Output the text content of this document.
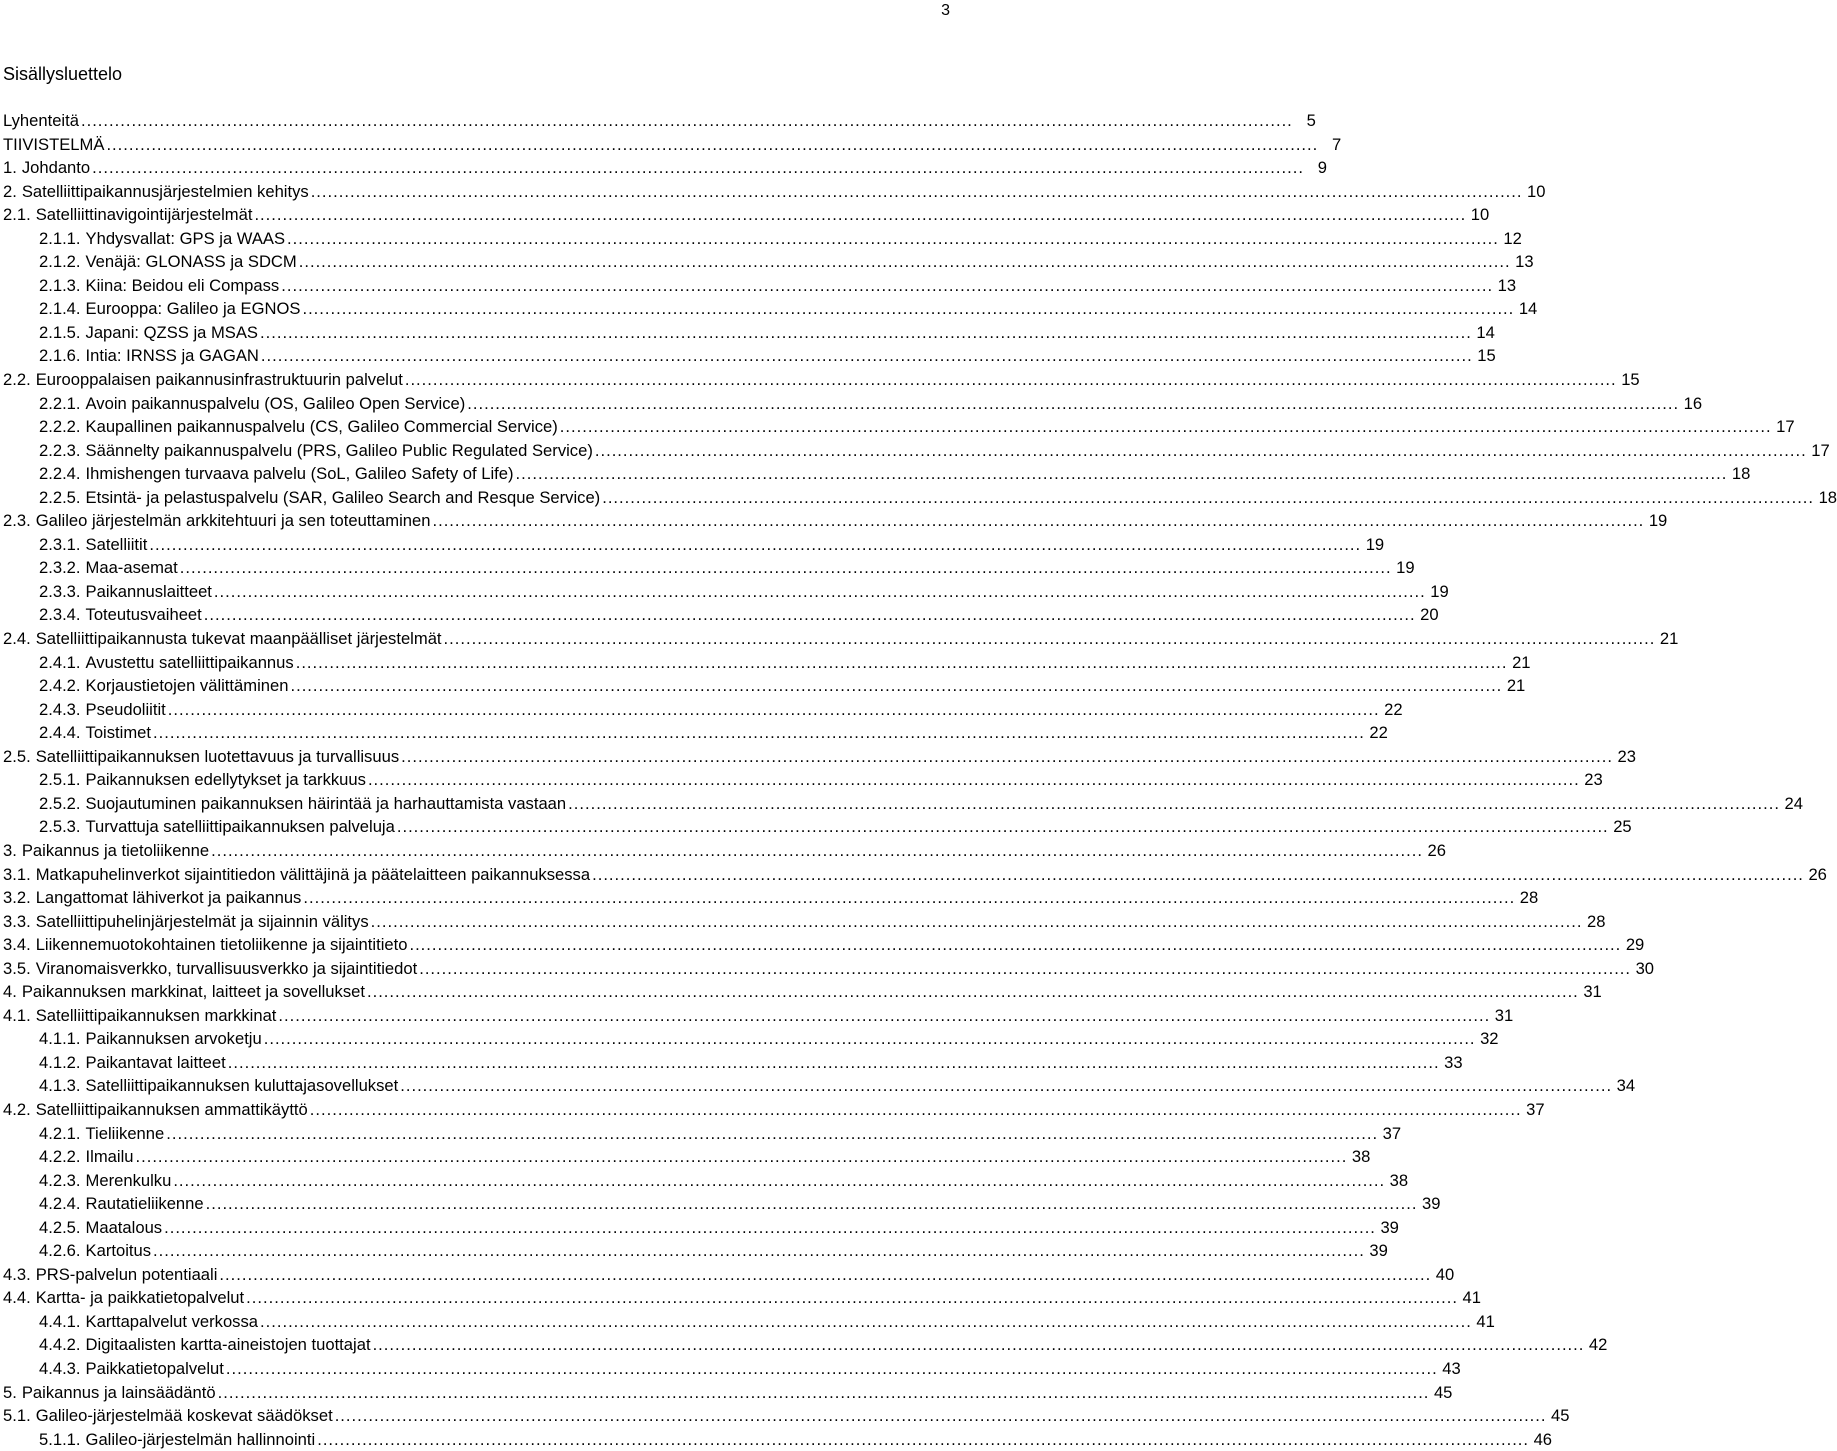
3
Sisällysluettelo
Lyhenteitä .....	5
TIIVISTELMÄ .....	7
1. Johdanto .....	9
2. Satelliittipaikannusjärjestelmien kehitys .....	10
2.1. Satelliittinavigointijärjestelmät .....	10
2.1.1. Yhdysvallat: GPS ja WAAS .....	12
2.1.2. Venäjä: GLONASS ja SDCM .....	13
2.1.3. Kiina: Beidou eli Compass .....	13
2.1.4. Eurooppa: Galileo ja EGNOS .....	14
2.1.5. Japani: QZSS ja MSAS .....	14
2.1.6. Intia: IRNSS ja GAGAN .....	15
2.2. Eurooppalaisen paikannusinfrastruktuurin palvelut .....	15
2.2.1. Avoin paikannuspalvelu (OS, Galileo Open Service) .....	16
2.2.2. Kaupallinen paikannuspalvelu (CS, Galileo Commercial Service) .....	17
2.2.3. Säännelty paikannuspalvelu (PRS, Galileo Public Regulated Service) .....	17
2.2.4. Ihmishengen turvaava palvelu (SoL, Galileo Safety of Life) .....	18
2.2.5. Etsintä- ja pelastuspalvelu (SAR, Galileo Search and Resque Service) .....	18
2.3. Galileo järjestelmän arkkitehtuuri ja sen toteuttaminen .....	19
2.3.1. Satelliitit .....	19
2.3.2. Maa-asemat .....	19
2.3.3. Paikannuslaitteet .....	19
2.3.4. Toteutusvaiheet .....	20
2.4. Satelliittipaikannusta tukevat maanpäälliset järjestelmät .....	21
2.4.1. Avustettu satelliittipaikannus .....	21
2.4.2. Korjaustietojen välittäminen .....	21
2.4.3. Pseudoliitit .....	22
2.4.4. Toistimet .....	22
2.5. Satelliittipaikannuksen luotettavuus ja turvallisuus .....	23
2.5.1. Paikannuksen edellytykset ja tarkkuus .....	23
2.5.2. Suojautuminen paikannuksen häirintää ja harhauttamista vastaan .....	24
2.5.3. Turvattuja satelliittipaikannuksen palveluja .....	25
3. Paikannus ja tietoliikenne .....	26
3.1. Matkapuhelinverkot sijaintitiedon välittäjinä ja päätelaitteen paikannuksessa .....	26
3.2. Langattomat lähiverkot ja paikannus .....	28
3.3. Satelliittipuhelinjärjestelmät ja sijainnin välitys .....	28
3.4. Liikennemuotokohtainen tietoliikenne ja sijaintitieto .....	29
3.5. Viranomaisverkko, turvallisuusverkko ja sijaintitiedot .....	30
4. Paikannuksen markkinat, laitteet ja sovellukset .....	31
4.1. Satelliittipaikannuksen markkinat .....	31
4.1.1. Paikannuksen arvoketju .....	32
4.1.2. Paikantavat laitteet .....	33
4.1.3. Satelliittipaikannuksen kuluttajasovellukset .....	34
4.2. Satelliittipaikannuksen ammattikäyttö .....	37
4.2.1. Tieliikenne .....	37
4.2.2. Ilmailu .....	38
4.2.3. Merenkulku .....	38
4.2.4. Rautatieliikenne .....	39
4.2.5. Maatalous .....	39
4.2.6. Kartoitus .....	39
4.3. PRS-palvelun potentiaali .....	40
4.4. Kartta- ja paikkatietopalvelut .....	41
4.4.1. Karttapalvelut verkossa .....	41
4.4.2. Digitaalisten kartta-aineistojen tuottajat .....	42
4.4.3. Paikkatietopalvelut .....	43
5. Paikannus ja lainsäädäntö .....	45
5.1. Galileo-järjestelmää koskevat säädökset .....	45
5.1.1. Galileo-järjestelmän hallinnointi .....	46
